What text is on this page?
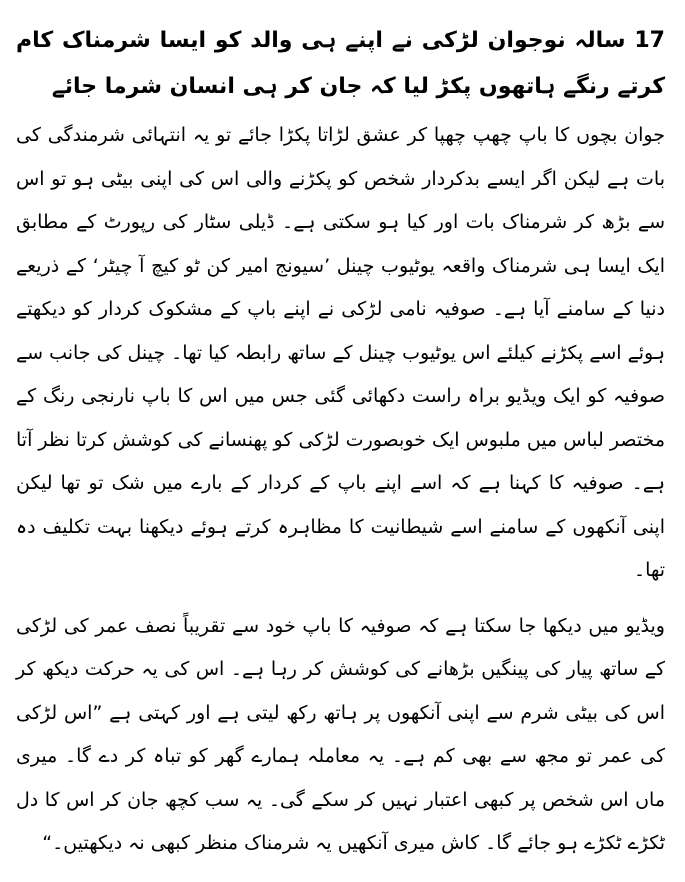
17 سالہ نوجوان لڑکی نے اپنے ہی والد کو ایسا شرمناک کام کرتے رنگے ہاتھوں پکڑ لیا کہ جان کر ہی انسان شرما جائے

جوان بچوں کا باپ چھپ چھپا کر عشق لڑاتا پکڑا جائے تو یہ انتہائی شرمندگی کی بات ہے لیکن اگر ایسے بدکردار شخص کو پکڑنے والی اس کی اپنی بیٹی ہو تو اس سے بڑھ کر شرمناک بات اور کیا ہو سکتی ہے۔ ڈیلی سٹار کی رپورٹ کے مطابق ایک ایسا ہی شرمناک واقعہ یوٹیوب چینل ’سیونج امیر کن ٹو کیچ آ چیٹر‘ کے ذریعے دنیا کے سامنے آیا ہے۔ صوفیہ نامی لڑکی نے اپنے باپ کے مشکوک کردار کو دیکھتے ہوئے اسے پکڑنے کیلئے اس یوٹیوب چینل کے ساتھ رابطہ کیا تھا۔ چینل کی جانب سے صوفیہ کو ایک ویڈیو براہ راست دکھائی گئی جس میں اس کا باپ نارنجی رنگ کے مختصر لباس میں ملبوس ایک خوبصورت لڑکی کو پھنسانے کی کوشش کرتا نظر آتا ہے۔ صوفیہ کا کہنا ہے کہ اسے اپنے باپ کے کردار کے بارے میں شک تو تھا لیکن اپنی آنکھوں کے سامنے اسے شیطانیت کا مظاہرہ کرتے ہوئے دیکھنا بہت تکلیف دہ تھا۔

ویڈیو میں دیکھا جا سکتا ہے کہ صوفیہ کا باپ خود سے تقریباً نصف عمر کی لڑکی کے ساتھ پیار کی پینگیں بڑھانے کی کوشش کر رہا ہے۔ اس کی یہ حرکت دیکھ کر اس کی بیٹی شرم سے اپنی آنکھوں پر ہاتھ رکھ لیتی ہے اور کہتی ہے ”اس لڑکی کی عمر تو مجھ سے بھی کم ہے۔ یہ معاملہ ہمارے گھر کو تباہ کر دے گا۔ میری ماں اس شخص پر کبھی اعتبار نہیں کر سکے گی۔ یہ سب کچھ جان کر اس کا دل ٹکڑے ٹکڑے ہو جائے گا۔ کاش میری آنکھیں یہ شرمناک منظر کبھی نہ دیکھتیں۔“
